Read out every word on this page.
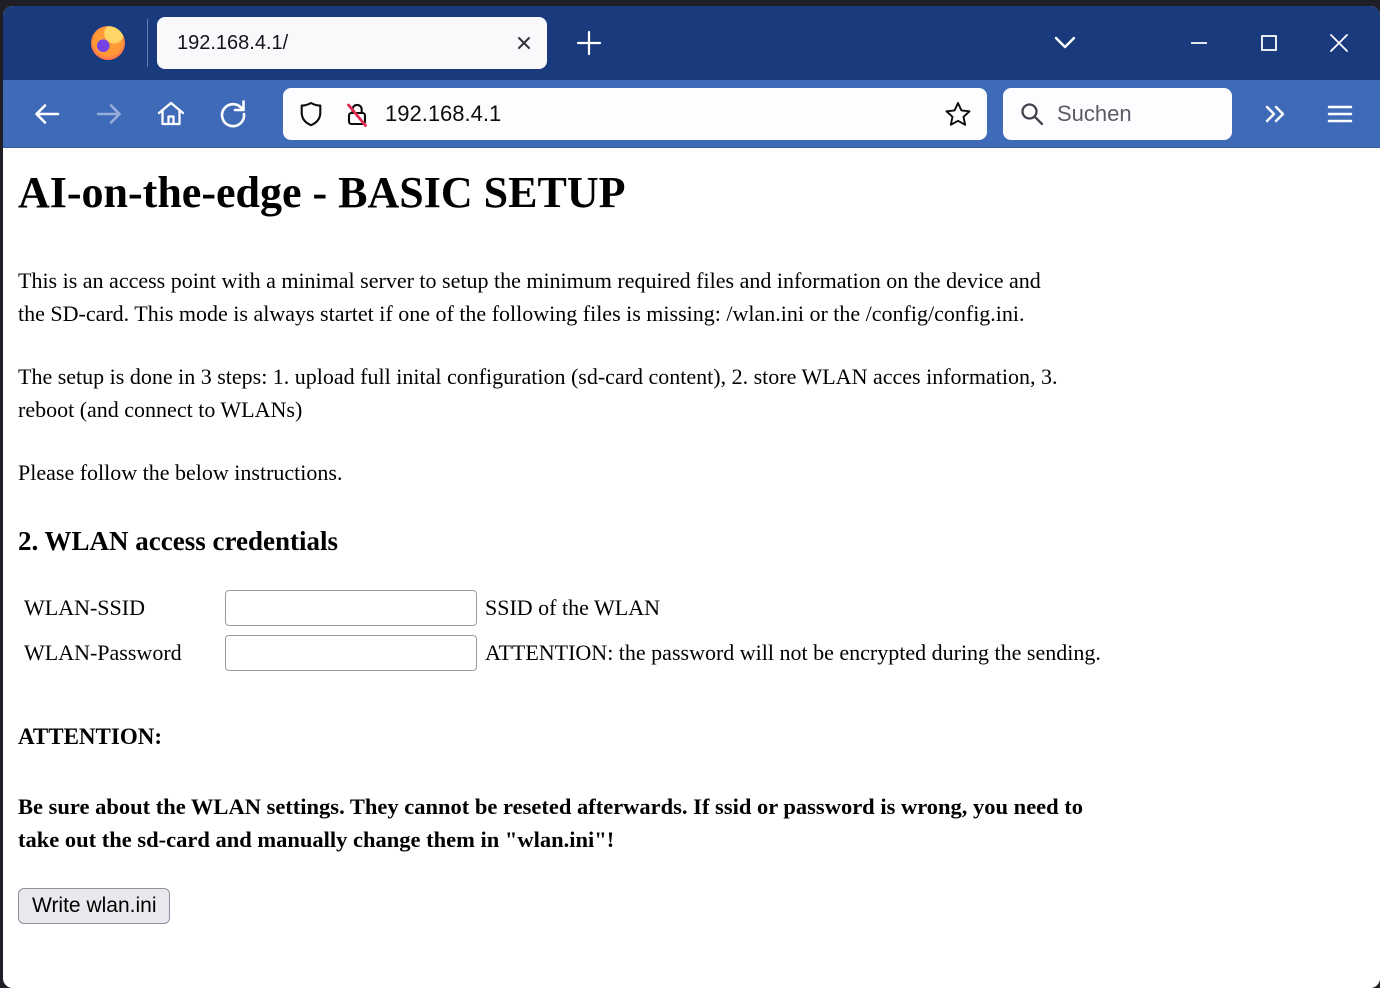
192.168.4.1/
192.168.4.1	Suchen
AI-on-the-edge - BASIC SETUP

This is an access point with a minimal server to setup the minimum required files and information on the device and
the SD-card. This mode is always startet if one of the following files is missing: /wlan.ini or the /config/config.ini.

The setup is done in 3 steps: 1. upload full inital configuration (sd-card content), 2. store WLAN acces information, 3.
reboot (and connect to WLANs)

Please follow the below instructions.

2. WLAN access credentials
WLAN-SSID		SSID of the WLAN
WLAN-Password		ATTENTION: the password will not be encrypted during the sending.

ATTENTION:

Be sure about the WLAN settings. They cannot be reseted afterwards. If ssid or password is wrong, you need to
take out the sd-card and manually change them in "wlan.ini"!

Write wlan.ini
